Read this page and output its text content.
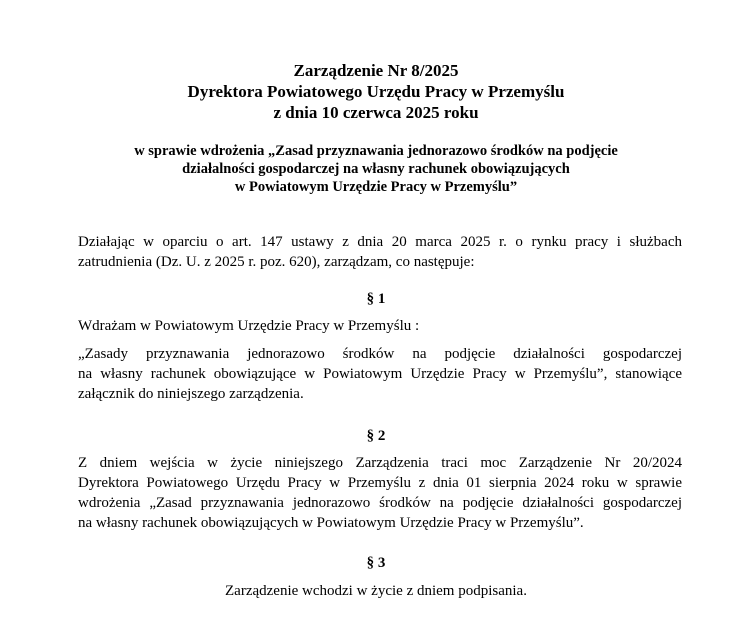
Zarządzenie Nr 8/2025
Dyrektora Powiatowego Urzędu Pracy w Przemyślu
z dnia 10 czerwca 2025 roku
w sprawie wdrożenia „Zasad przyznawania jednorazowo środków na podjęcie
działalności gospodarczej na własny rachunek obowiązujących
w Powiatowym Urzędzie Pracy w Przemyślu”
Działając w oparciu o art. 147 ustawy z dnia 20 marca 2025 r. o rynku pracy i służbach
zatrudnienia (Dz. U. z 2025 r. poz. 620), zarządzam, co następuje:
§ 1
Wdrażam w Powiatowym Urzędzie Pracy w Przemyślu :
„Zasady przyznawania jednorazowo środków na podjęcie działalności gospodarczej
na własny rachunek obowiązujące w Powiatowym Urzędzie Pracy w Przemyślu”, stanowiące
załącznik do niniejszego zarządzenia.
§ 2
Z dniem wejścia w życie niniejszego Zarządzenia traci moc Zarządzenie Nr 20/2024
Dyrektora Powiatowego Urzędu Pracy w Przemyślu z dnia 01 sierpnia 2024 roku w sprawie
wdrożenia „Zasad przyznawania jednorazowo środków na podjęcie działalności gospodarczej
na własny rachunek obowiązujących w Powiatowym Urzędzie Pracy w Przemyślu”.
§ 3
Zarządzenie wchodzi w życie z dniem podpisania.
